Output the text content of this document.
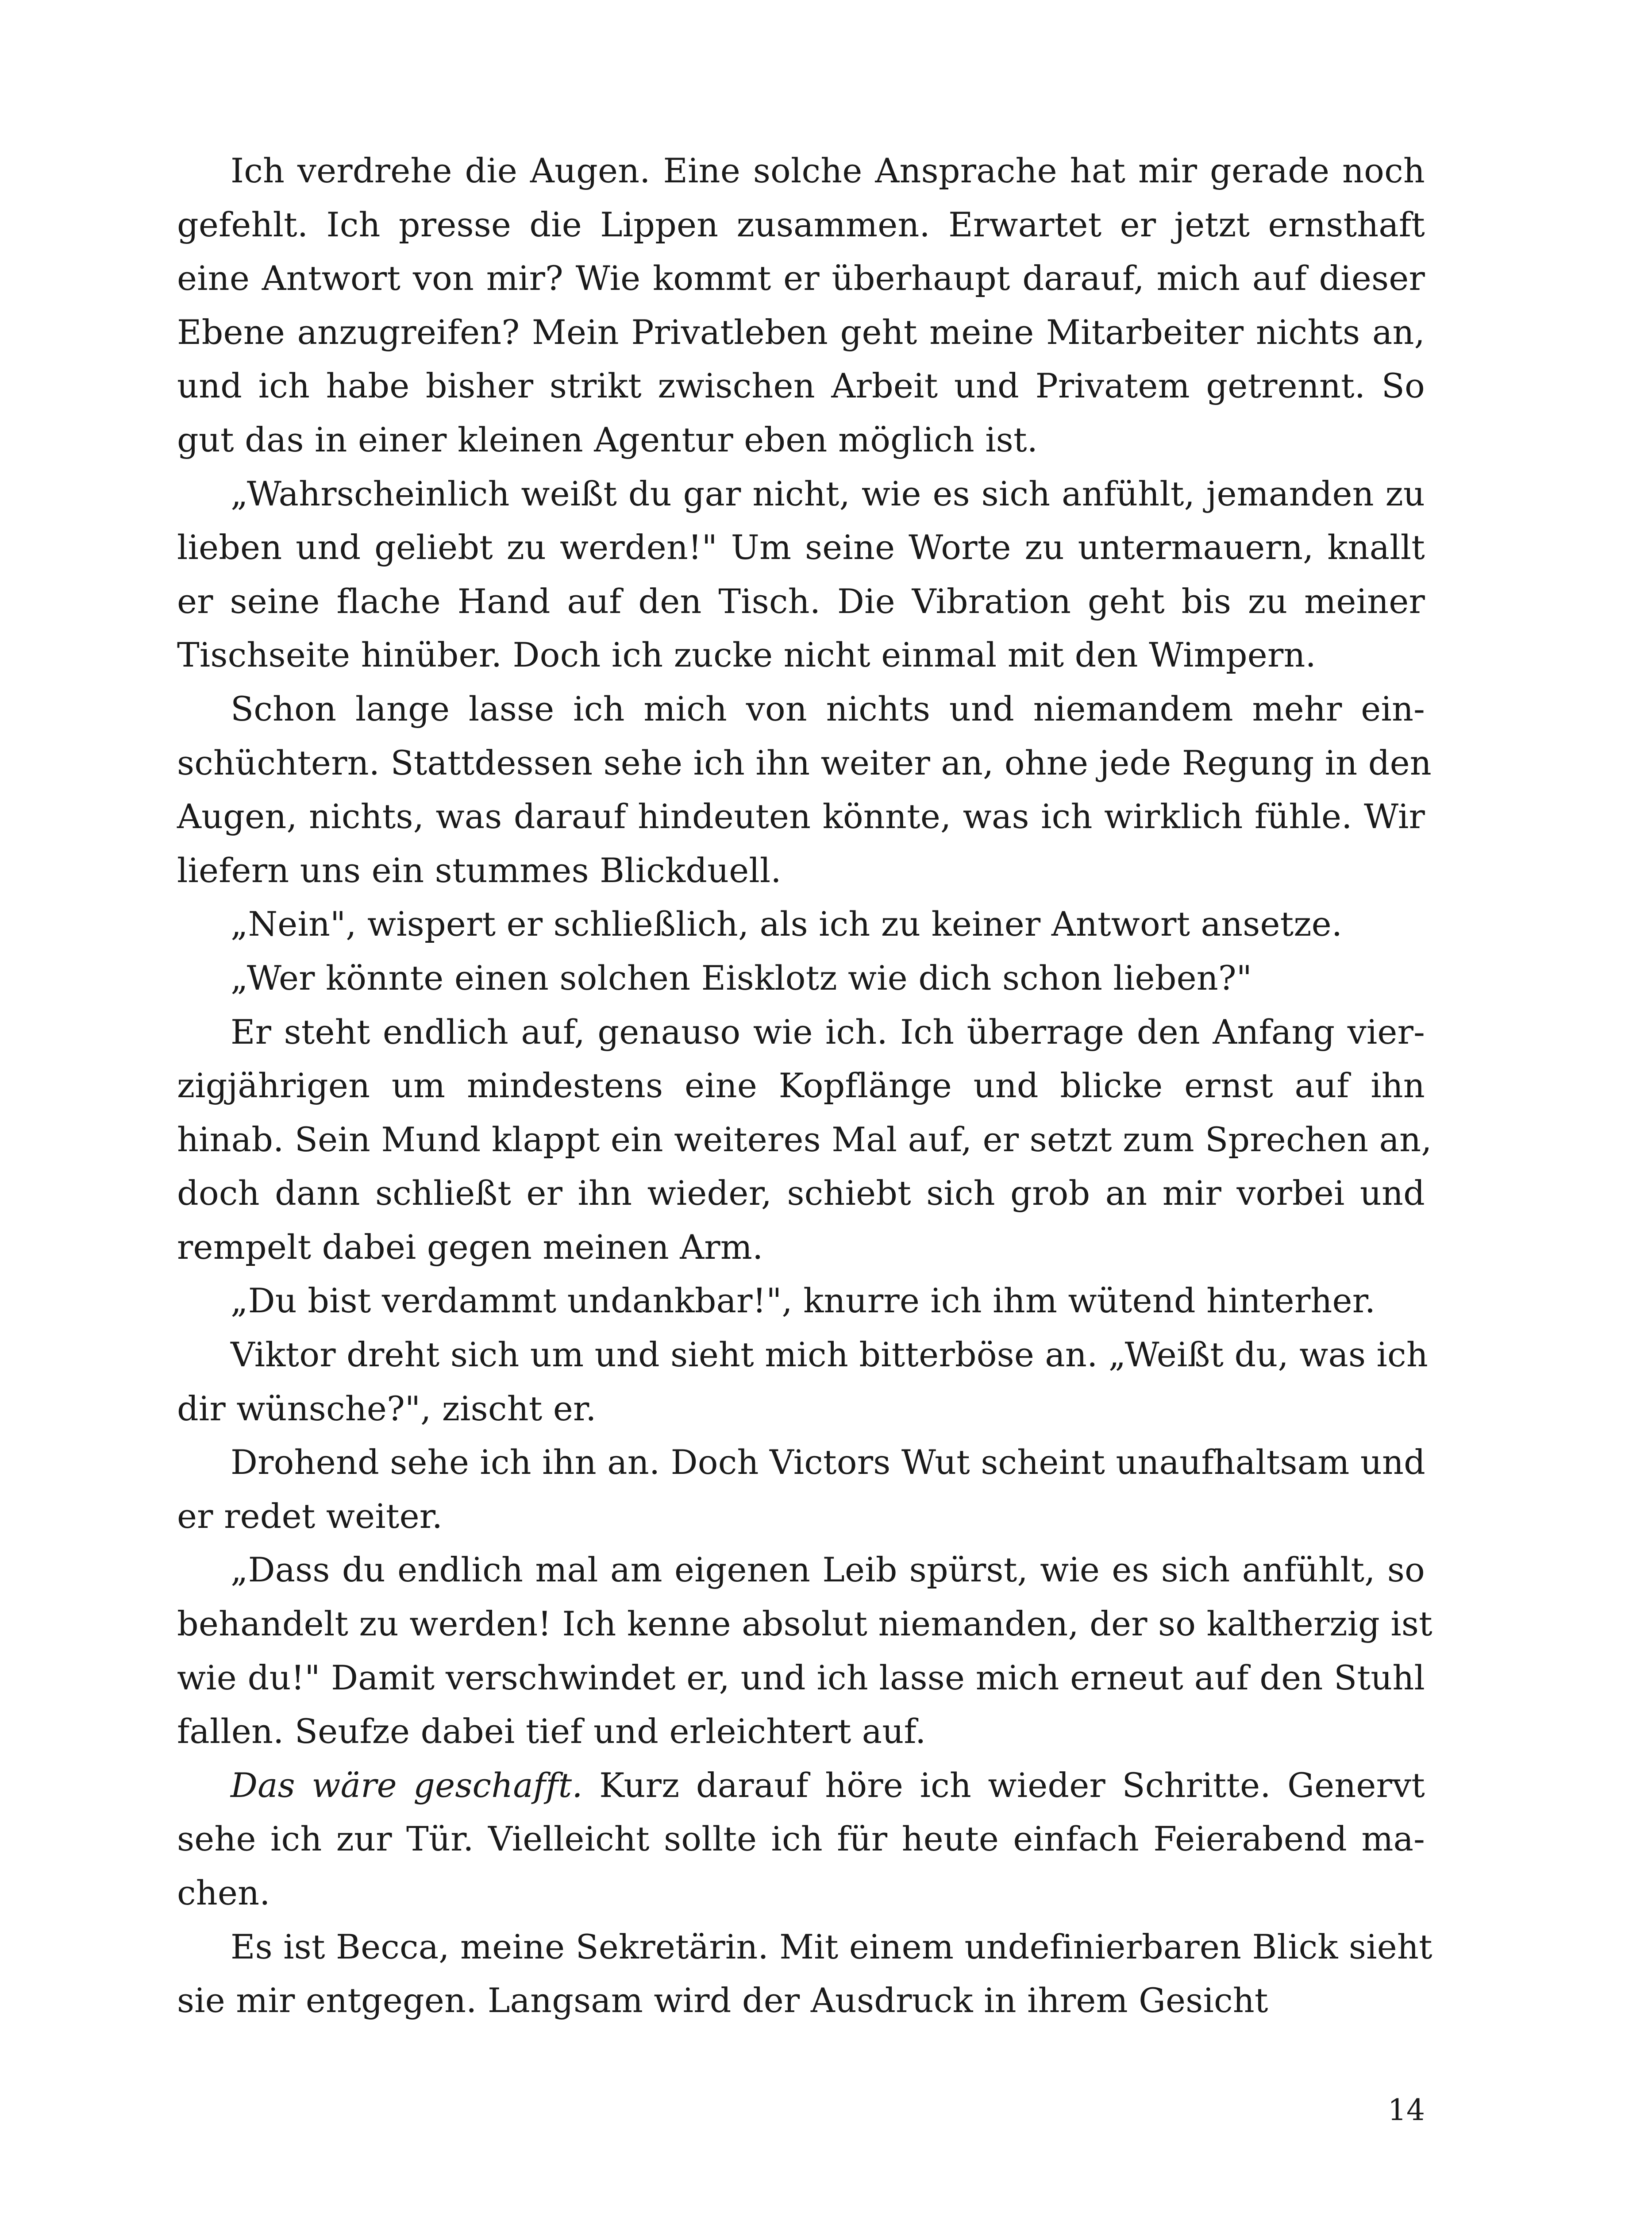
Ich verdrehe die Augen. Eine solche Ansprache hat mir gerade noch
gefehlt. Ich presse die Lippen zusammen. Erwartet er jetzt ernsthaft
eine Antwort von mir? Wie kommt er überhaupt darauf, mich auf dieser
Ebene anzugreifen? Mein Privatleben geht meine Mitarbeiter nichts an,
und ich habe bisher strikt zwischen Arbeit und Privatem getrennt. So
gut das in einer kleinen Agentur eben möglich ist.
„Wahrscheinlich weißt du gar nicht, wie es sich anfühlt, jemanden zu
lieben und geliebt zu werden!" Um seine Worte zu untermauern, knallt
er seine flache Hand auf den Tisch. Die Vibration geht bis zu meiner
Tischseite hinüber. Doch ich zucke nicht einmal mit den Wimpern.
Schon lange lasse ich mich von nichts und niemandem mehr ein-
schüchtern. Stattdessen sehe ich ihn weiter an, ohne jede Regung in den
Augen, nichts, was darauf hindeuten könnte, was ich wirklich fühle. Wir
liefern uns ein stummes Blickduell.
„Nein", wispert er schließlich, als ich zu keiner Antwort ansetze.
„Wer könnte einen solchen Eisklotz wie dich schon lieben?"
Er steht endlich auf, genauso wie ich. Ich überrage den Anfang vier-
zigjährigen um mindestens eine Kopflänge und blicke ernst auf ihn
hinab. Sein Mund klappt ein weiteres Mal auf, er setzt zum Sprechen an,
doch dann schließt er ihn wieder, schiebt sich grob an mir vorbei und
rempelt dabei gegen meinen Arm.
„Du bist verdammt undankbar!", knurre ich ihm wütend hinterher.
Viktor dreht sich um und sieht mich bitterböse an. „Weißt du, was ich
dir wünsche?", zischt er.
Drohend sehe ich ihn an. Doch Victors Wut scheint unaufhaltsam und
er redet weiter.
„Dass du endlich mal am eigenen Leib spürst, wie es sich anfühlt, so
behandelt zu werden! Ich kenne absolut niemanden, der so kaltherzig ist
wie du!" Damit verschwindet er, und ich lasse mich erneut auf den Stuhl
fallen. Seufze dabei tief und erleichtert auf.
Das wäre geschafft. Kurz darauf höre ich wieder Schritte. Genervt
sehe ich zur Tür. Vielleicht sollte ich für heute einfach Feierabend ma-
chen.
Es ist Becca, meine Sekretärin. Mit einem undefinierbaren Blick sieht
sie mir entgegen. Langsam wird der Ausdruck in ihrem Gesicht
14
